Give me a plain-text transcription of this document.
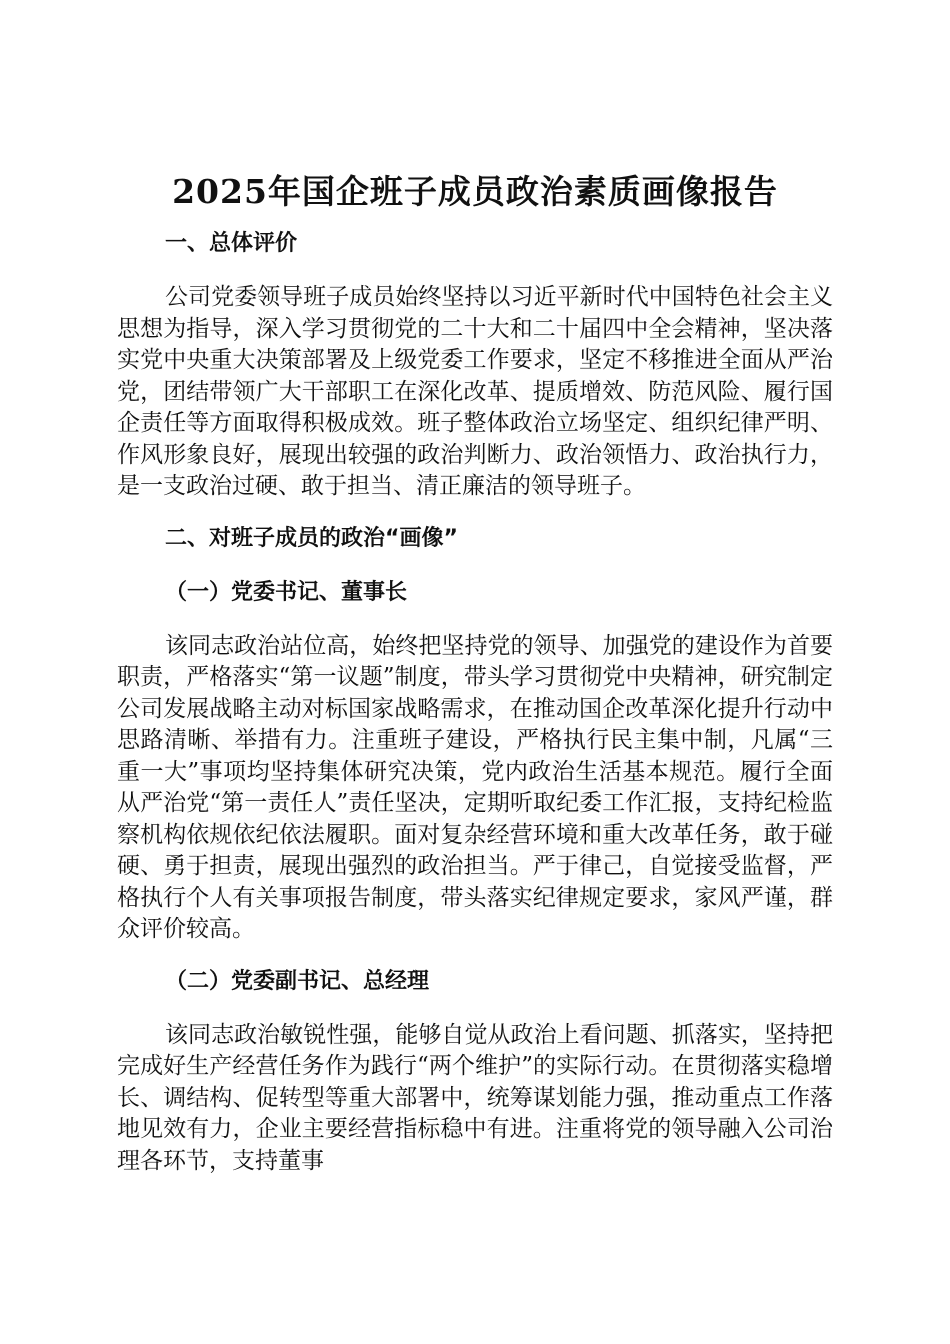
2025年国企班子成员政治素质画像报告
一、总体评价

公司党委领导班子成员始终坚持以习近平新时代中国特色社会主义思想为指导，深入学习贯彻党的二十大和二十届四中全会精神，坚决落实党中央重大决策部署及上级党委工作要求，坚定不移推进全面从严治党，团结带领广大干部职工在深化改革、提质增效、防范风险、履行国企责任等方面取得积极成效。班子整体政治立场坚定、组织纪律严明、作风形象良好，展现出较强的政治判断力、政治领悟力、政治执行力，是一支政治过硬、敢于担当、清正廉洁的领导班子。

二、对班子成员的政治“画像”
（一）党委书记、董事长

该同志政治站位高，始终把坚持党的领导、加强党的建设作为首要职责，严格落实“第一议题”制度，带头学习贯彻党中央精神，研究制定公司发展战略主动对标国家战略需求，在推动国企改革深化提升行动中思路清晰、举措有力。注重班子建设，严格执行民主集中制，凡属“三重一大”事项均坚持集体研究决策，党内政治生活基本规范。履行全面从严治党“第一责任人”责任坚决，定期听取纪委工作汇报，支持纪检监察机构依规依纪依法履职。面对复杂经营环境和重大改革任务，敢于碰硬、勇于担责，展现出强烈的政治担当。严于律己，自觉接受监督，严格执行个人有关事项报告制度，带头落实纪律规定要求，家风严谨，群众评价较高。

（二）党委副书记、总经理

该同志政治敏锐性强，能够自觉从政治上看问题、抓落实，坚持把完成好生产经营任务作为践行“两个维护”的实际行动。在贯彻落实稳增长、调结构、促转型等重大部署中，统筹谋划能力强，推动重点工作落地见效有力，企业主要经营指标稳中有进。注重将党的领导融入公司治理各环节，支持董事
